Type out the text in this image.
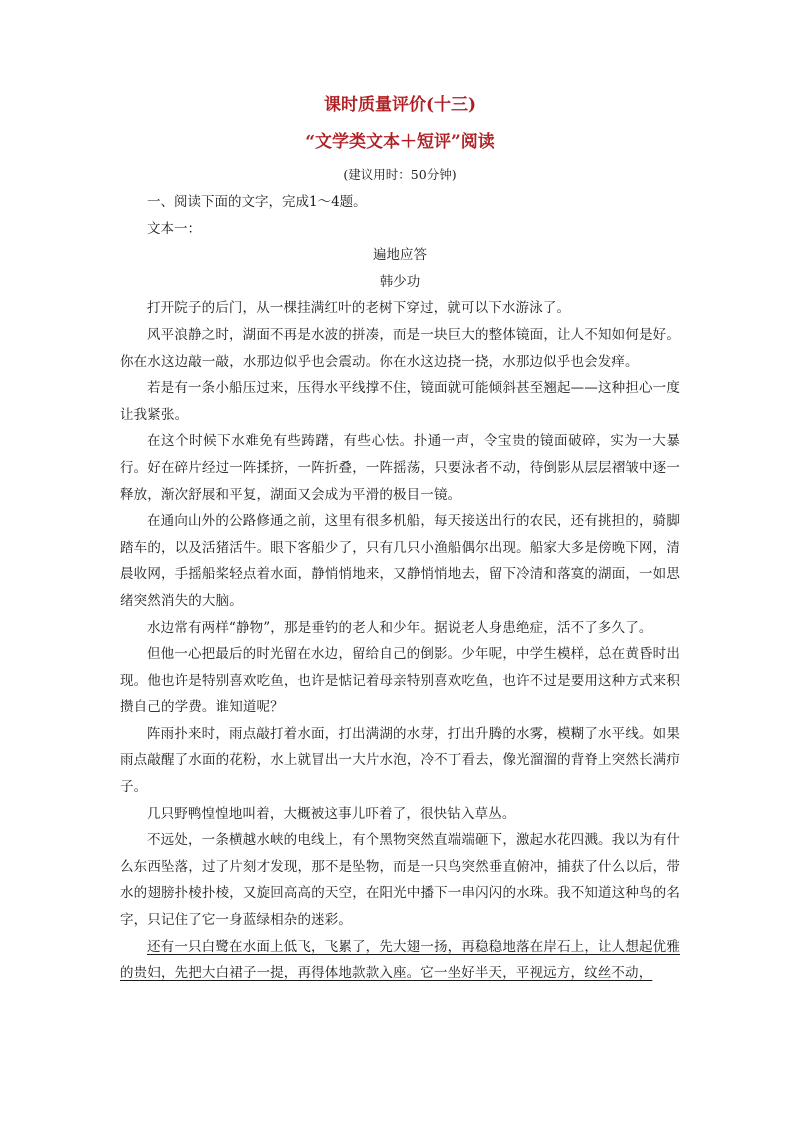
课时质量评价(十三)
“文学类文本＋短评”阅读
(建议用时：50分钟)

一、阅读下面的文字，完成1～4题。

文本一：

遍地应答

韩少功

打开院子的后门，从一棵挂满红叶的老树下穿过，就可以下水游泳了。

风平浪静之时，湖面不再是水波的拼凑，而是一块巨大的整体镜面，让人不知如何是好。你在水这边敲一敲，水那边似乎也会震动。你在水这边挠一挠，水那边似乎也会发痒。

若是有一条小船压过来，压得水平线撑不住，镜面就可能倾斜甚至翘起——这种担心一度让我紧张。

在这个时候下水难免有些踌躇，有些心怯。扑通一声，令宝贵的镜面破碎，实为一大暴行。好在碎片经过一阵揉挤，一阵折叠，一阵摇荡，只要泳者不动，待倒影从层层褶皱中逐一释放，渐次舒展和平复，湖面又会成为平滑的极目一镜。

在通向山外的公路修通之前，这里有很多机船，每天接送出行的农民，还有挑担的，骑脚踏车的，以及活猪活牛。眼下客船少了，只有几只小渔船偶尔出现。船家大多是傍晚下网，清晨收网，手摇船桨轻点着水面，静悄悄地来，又静悄悄地去，留下冷清和落寞的湖面，一如思绪突然消失的大脑。

水边常有两样“静物”，那是垂钓的老人和少年。据说老人身患绝症，活不了多久了。

但他一心把最后的时光留在水边，留给自己的倒影。少年呢，中学生模样，总在黄昏时出现。他也许是特别喜欢吃鱼，也许是惦记着母亲特别喜欢吃鱼，也许不过是要用这种方式来积攒自己的学费。谁知道呢？

阵雨扑来时，雨点敲打着水面，打出满湖的水芽，打出升腾的水雾，模糊了水平线。如果雨点敲醒了水面的花粉，水上就冒出一大片水泡，冷不丁看去，像光溜溜的背脊上突然长满疖子。

几只野鸭惶惶地叫着，大概被这事儿吓着了，很快钻入草丛。

不远处，一条横越水峡的电线上，有个黑物突然直端端砸下，激起水花四溅。我以为有什么东西坠落，过了片刻才发现，那不是坠物，而是一只鸟突然垂直俯冲，捕获了什么以后，带水的翅膀扑棱扑棱，又旋回高高的天空，在阳光中播下一串闪闪的水珠。我不知道这种鸟的名字，只记住了它一身蓝绿相杂的迷彩。

还有一只白鹭在水面上低飞，飞累了，先大翅一扬，再稳稳地落在岸石上，让人想起优雅的贵妇，先把大白裙子一提，再得体地款款入座。它一坐好半天，平视远方，纹丝不动，
